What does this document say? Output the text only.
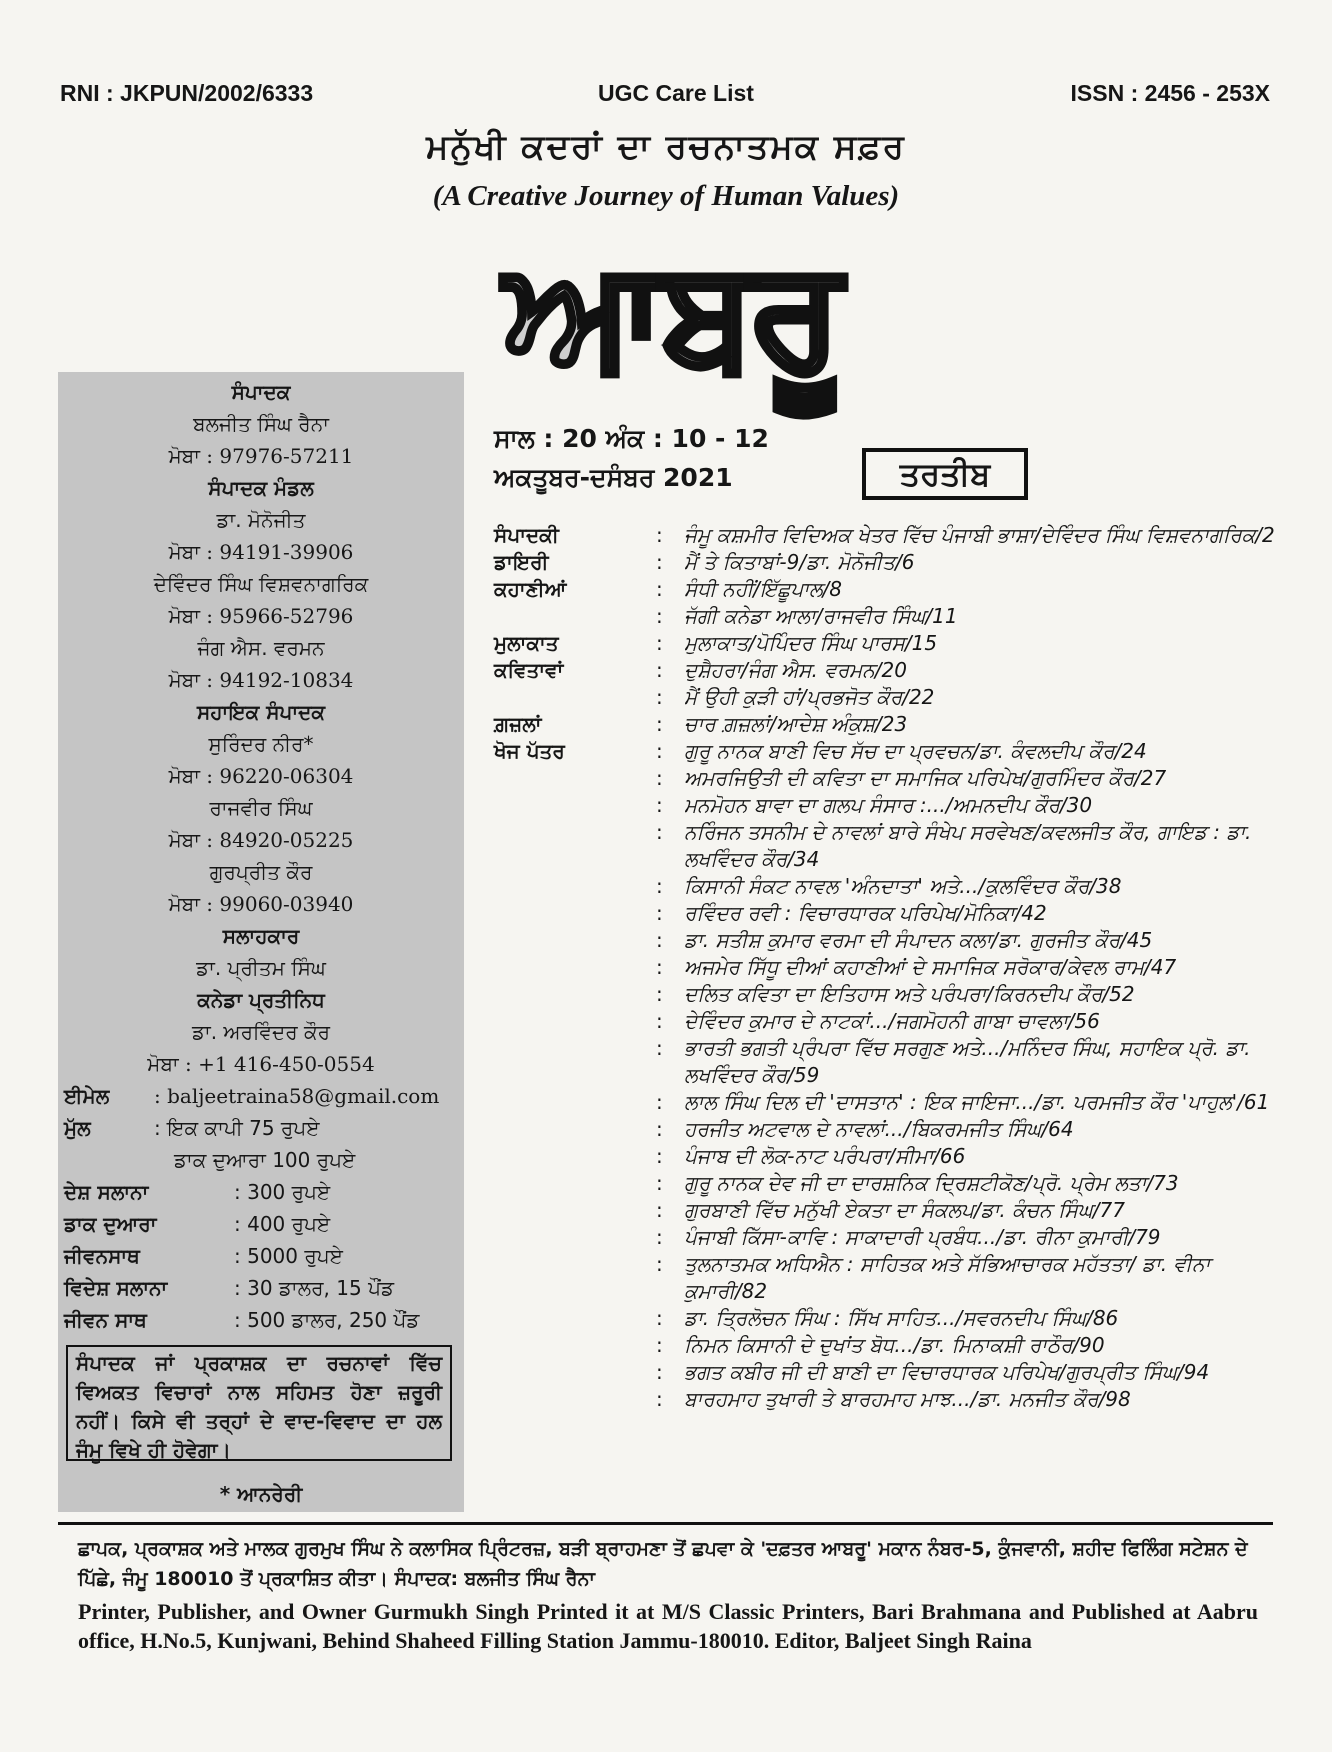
RNI : JKPUN/2002/6333	UGC Care List	ISSN : 2456 - 253X
ਮਨੁੱਖੀ ਕਦਰਾਂ ਦਾ ਰਚਨਾਤਮਕ ਸਫ਼ਰ
(A Creative Journey of Human Values)
ਆਬਰੂ
ਸੰਪਾਦਕ
ਬਲਜੀਤ ਸਿੰਘ ਰੈਨਾ
ਮੋਬਾ : 97976-57211
ਸੰਪਾਦਕ ਮੰਡਲ
ਡਾ. ਮੋਨੋਜੀਤ
ਮੋਬਾ : 94191-39906
ਦੇਵਿੰਦਰ ਸਿੰਘ ਵਿਸ਼ਵਨਾਗਰਿਕ
ਮੋਬਾ : 95966-52796
ਜੰਗ ਐਸ. ਵਰਮਨ
ਮੋਬਾ : 94192-10834
ਸਹਾਇਕ ਸੰਪਾਦਕ
ਸੁਰਿੰਦਰ ਨੀਰ*
ਮੋਬਾ : 96220-06304
ਰਾਜਵੀਰ ਸਿੰਘ
ਮੋਬਾ : 84920-05225
ਗੁਰਪ੍ਰੀਤ ਕੌਰ
ਮੋਬਾ : 99060-03940
ਸਲਾਹਕਾਰ
ਡਾ. ਪ੍ਰੀਤਮ ਸਿੰਘ
ਕਨੇਡਾ ਪ੍ਰਤੀਨਿਧ
ਡਾ. ਅਰਵਿੰਦਰ ਕੌਰ
ਮੋਬਾ : +1 416-450-0554
ਈਮੇਲ : baljeetraina58@gmail.com
ਮੁੱਲ	: ਇਕ ਕਾਪੀ 75 ਰੁਪਏ
ਡਾਕ ਦੁਆਰਾ 100 ਰੁਪਏ
ਦੇਸ਼ ਸਲਾਨਾ	: 300 ਰੁਪਏ
ਡਾਕ ਦੁਆਰਾ	: 400 ਰੁਪਏ
ਜੀਵਨਸਾਥ	: 5000 ਰੁਪਏ
ਵਿਦੇਸ਼ ਸਲਾਨਾ	: 30 ਡਾਲਰ, 15 ਪੌਂਡ
ਜੀਵਨ ਸਾਥ	: 500 ਡਾਲਰ, 250 ਪੌਂਡ
ਸੰਪਾਦਕ ਜਾਂ ਪ੍ਰਕਾਸ਼ਕ ਦਾ ਰਚਨਾਵਾਂ ਵਿੱਚ ਵਿਅਕਤ ਵਿਚਾਰਾਂ ਨਾਲ ਸਹਿਮਤ ਹੋਣਾ ਜ਼ਰੂਰੀ ਨਹੀਂ। ਕਿਸੇ ਵੀ ਤਰ੍ਹਾਂ ਦੇ ਵਾਦ-ਵਿਵਾਦ ਦਾ ਹਲ ਜੰਮੂ ਵਿਖੇ ਹੀ ਹੋਵੇਗਾ।
* ਆਨਰੇਰੀ
ਸਾਲ : 20 ਅੰਕ : 10 - 12
ਅਕਤੂਬਰ-ਦਸੰਬਰ 2021	ਤਰਤੀਬ
ਸੰਪਾਦਕੀ	: ਜੰਮੂ ਕਸ਼ਮੀਰ ਵਿਦਿਅਕ ਖੇਤਰ ਵਿੱਚ ਪੰਜਾਬੀ ਭਾਸ਼ਾ/ਦੇਵਿੰਦਰ ਸਿੰਘ ਵਿਸ਼ਵਨਾਗਰਿਕ/2
ਡਾਇਰੀ	: ਮੈਂ ਤੇ ਕਿਤਾਬਾਂ-9/ਡਾ. ਮੋਨੋਜੀਤ/6
ਕਹਾਣੀਆਂ	: ਸੰਧੀ ਨਹੀਂ/ਇੱਛੂਪਾਲ/8
: ਜੱਗੀ ਕਨੇਡਾ ਆਲਾ/ਰਾਜਵੀਰ ਸਿੰਘ/11
ਮੁਲਾਕਾਤ	: ਮੁਲਾਕਾਤ/ਪੋਪਿੰਦਰ ਸਿੰਘ ਪਾਰਸ/15
ਕਵਿਤਾਵਾਂ	: ਦੁਸ਼ੈਹਰਾ/ਜੰਗ ਐਸ. ਵਰਮਨ/20
: ਮੈਂ ਉਹੀ ਕੁੜੀ ਹਾਂ/ਪ੍ਰਭਜੋਤ ਕੌਰ/22
ਗ਼ਜ਼ਲਾਂ	: ਚਾਰ ਗ਼ਜ਼ਲਾਂ/ਆਦੇਸ਼ ਅੰਕੁਸ਼/23
ਖੋਜ ਪੱਤਰ	: ਗੁਰੂ ਨਾਨਕ ਬਾਣੀ ਵਿਚ ਸੱਚ ਦਾ ਪ੍ਰਵਚਨ/ਡਾ. ਕੰਵਲਦੀਪ ਕੌਰ/24
: ਅਮਰਜਿਉਤੀ ਦੀ ਕਵਿਤਾ ਦਾ ਸਮਾਜਿਕ ਪਰਿਪੇਖ/ਗੁਰਮਿੰਦਰ ਕੌਰ/27
: ਮਨਮੋਹਨ ਬਾਵਾ ਦਾ ਗਲਪ ਸੰਸਾਰ :.../ਅਮਨਦੀਪ ਕੌਰ/30
: ਨਰਿੰਜਨ ਤਸਨੀਮ ਦੇ ਨਾਵਲਾਂ ਬਾਰੇ ਸੰਖੇਪ ਸਰਵੇਖਣ/ਕਵਲਜੀਤ ਕੌਰ, ਗਾਇਡ : ਡਾ. ਲਖਵਿੰਦਰ ਕੌਰ/34
: ਕਿਸਾਨੀ ਸੰਕਟ ਨਾਵਲ 'ਅੰਨਦਾਤਾ' ਅਤੇ.../ਕੁਲਵਿੰਦਰ ਕੌਰ/38
: ਰਵਿੰਦਰ ਰਵੀ : ਵਿਚਾਰਧਾਰਕ ਪਰਿਪੇਖ/ਮੋਨਿਕਾ/42
: ਡਾ. ਸਤੀਸ਼ ਕੁਮਾਰ ਵਰਮਾ ਦੀ ਸੰਪਾਦਨ ਕਲਾ/ਡਾ. ਗੁਰਜੀਤ ਕੌਰ/45
: ਅਜਮੇਰ ਸਿੱਧੂ ਦੀਆਂ ਕਹਾਣੀਆਂ ਦੇ ਸਮਾਜਿਕ ਸਰੋਕਾਰ/ਕੇਵਲ ਰਾਮ/47
: ਦਲਿਤ ਕਵਿਤਾ ਦਾ ਇਤਿਹਾਸ ਅਤੇ ਪਰੰਪਰਾ/ਕਿਰਨਦੀਪ ਕੌਰ/52
: ਦੇਵਿੰਦਰ ਕੁਮਾਰ ਦੇ ਨਾਟਕਾਂ.../ਜਗਮੋਹਨੀ ਗਾਬਾ ਚਾਵਲਾ/56
: ਭਾਰਤੀ ਭਗਤੀ ਪ੍ਰੰਪਰਾ ਵਿੱਚ ਸਰਗੁਣ ਅਤੇ.../ਮਨਿੰਦਰ ਸਿੰਘ, ਸਹਾਇਕ ਪ੍ਰੋ. ਡਾ. ਲਖਵਿੰਦਰ ਕੌਰ/59
: ਲਾਲ ਸਿੰਘ ਦਿਲ ਦੀ 'ਦਾਸਤਾਨ' : ਇਕ ਜਾਇਜਾ.../ਡਾ. ਪਰਮਜੀਤ ਕੌਰ 'ਪਾਹੁਲ'/61
: ਹਰਜੀਤ ਅਟਵਾਲ ਦੇ ਨਾਵਲਾਂ.../ਬਿਕਰਮਜੀਤ ਸਿੰਘ/64
: ਪੰਜਾਬ ਦੀ ਲੋਕ-ਨਾਟ ਪਰੰਪਰਾ/ਸੀਮਾ/66
: ਗੁਰੂ ਨਾਨਕ ਦੇਵ ਜੀ ਦਾ ਦਾਰਸ਼ਨਿਕ ਦ੍ਰਿਸ਼ਟੀਕੋਣ/ਪ੍ਰੋ. ਪ੍ਰੇਮ ਲਤਾ/73
: ਗੁਰਬਾਣੀ ਵਿੱਚ ਮਨੁੱਖੀ ਏਕਤਾ ਦਾ ਸੰਕਲਪ/ਡਾ. ਕੰਚਨ ਸਿੰਘ/77
: ਪੰਜਾਬੀ ਕਿੱਸਾ-ਕਾਵਿ : ਸਾਕਾਦਾਰੀ ਪ੍ਰਬੰਧ.../ਡਾ. ਰੀਨਾ ਕੁਮਾਰੀ/79
: ਤੁਲਨਾਤਮਕ ਅਧਿਐਨ : ਸਾਹਿਤਕ ਅਤੇ ਸੱਭਿਆਚਾਰਕ ਮਹੱਤਤਾ/ ਡਾ. ਵੀਨਾ ਕੁਮਾਰੀ/82
: ਡਾ. ਤ੍ਰਿਲੋਚਨ ਸਿੰਘ : ਸਿੱਖ ਸਾਹਿਤ.../ਸਵਰਨਦੀਪ ਸਿੰਘ/86
: ਨਿਮਨ ਕਿਸਾਨੀ ਦੇ ਦੁਖਾਂਤ ਬੋਧ.../ਡਾ. ਮਿਨਾਕਸ਼ੀ ਰਾਠੌਰ/90
: ਭਗਤ ਕਬੀਰ ਜੀ ਦੀ ਬਾਣੀ ਦਾ ਵਿਚਾਰਧਾਰਕ ਪਰਿਪੇਖ/ਗੁਰਪ੍ਰੀਤ ਸਿੰਘ/94
: ਬਾਰਹਮਾਹ ਤੁਖਾਰੀ ਤੇ ਬਾਰਹਮਾਹ ਮਾਝ.../ਡਾ. ਮਨਜੀਤ ਕੌਰ/98
ਛਾਪਕ, ਪ੍ਰਕਾਸ਼ਕ ਅਤੇ ਮਾਲਕ ਗੁਰਮੁਖ ਸਿੰਘ ਨੇ ਕਲਾਸਿਕ ਪ੍ਰਿੰਟਰਜ਼, ਬੜੀ ਬ੍ਰਾਹਮਣਾ ਤੋਂ ਛਪਵਾ ਕੇ 'ਦਫ਼ਤਰ ਆਬਰੂ' ਮਕਾਨ ਨੰਬਰ-5, ਕੁੰਜਵਾਨੀ, ਸ਼ਹੀਦ ਫਿਲਿੰਗ ਸਟੇਸ਼ਨ ਦੇ ਪਿੱਛੇ, ਜੰਮੂ 180010 ਤੋਂ ਪ੍ਰਕਾਸ਼ਿਤ ਕੀਤਾ। ਸੰਪਾਦਕ: ਬਲਜੀਤ ਸਿੰਘ ਰੈਨਾ
Printer, Publisher, and Owner Gurmukh Singh Printed it at M/S Classic Printers, Bari Brahmana and Published at Aabru office, H.No.5, Kunjwani, Behind Shaheed Filling Station Jammu-180010. Editor, Baljeet Singh Raina
